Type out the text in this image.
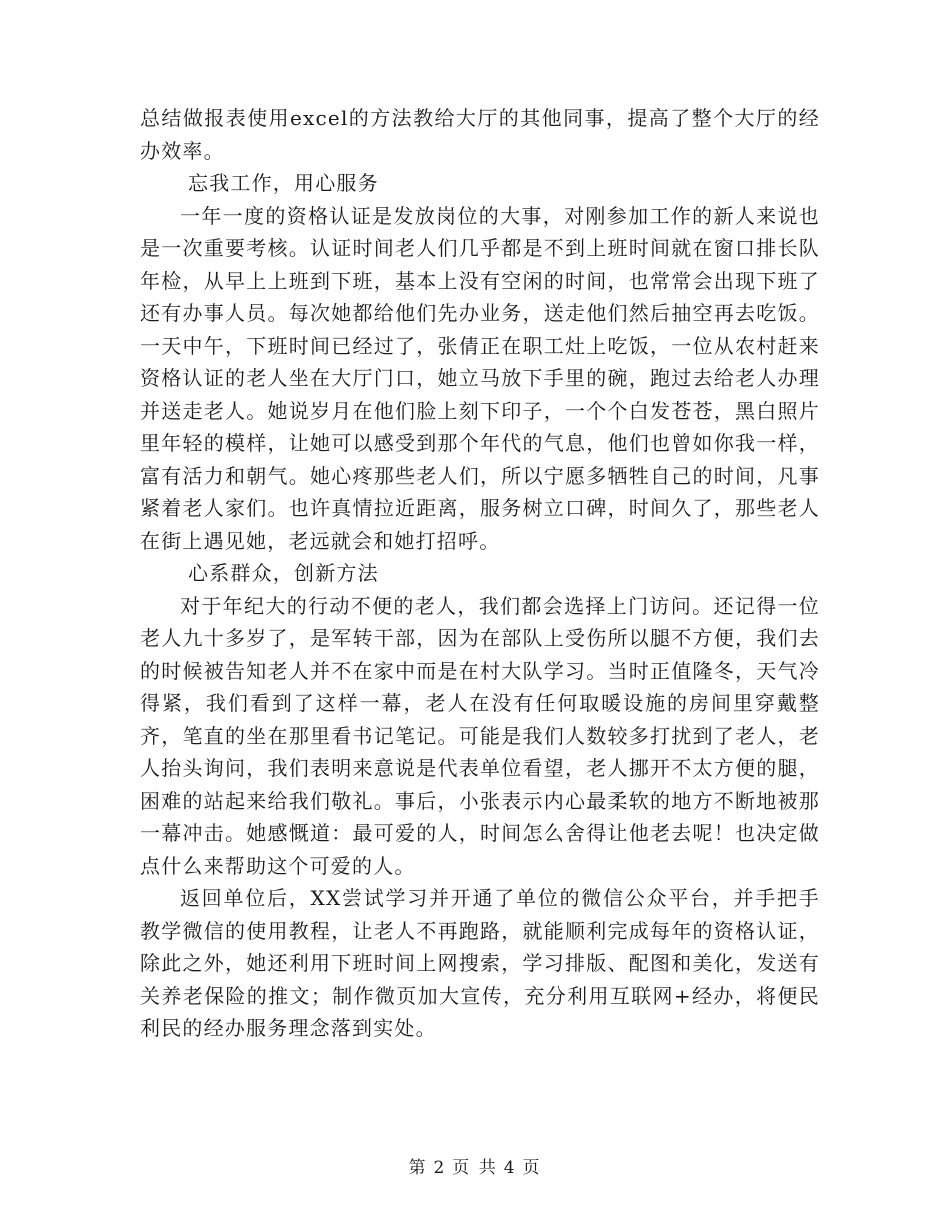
总结做报表使用excel的方法教给大厅的其他同事，提高了整个大厅的经办效率。

忘我工作，用心服务

一年一度的资格认证是发放岗位的大事，对刚参加工作的新人来说也是一次重要考核。认证时间老人们几乎都是不到上班时间就在窗口排长队年检，从早上上班到下班，基本上没有空闲的时间，也常常会出现下班了还有办事人员。每次她都给他们先办业务，送走他们然后抽空再去吃饭。一天中午，下班时间已经过了，张倩正在职工灶上吃饭，一位从农村赶来资格认证的老人坐在大厅门口，她立马放下手里的碗，跑过去给老人办理并送走老人。她说岁月在他们脸上刻下印子，一个个白发苍苍，黑白照片里年轻的模样，让她可以感受到那个年代的气息，他们也曾如你我一样，富有活力和朝气。她心疼那些老人们，所以宁愿多牺牲自己的时间，凡事紧着老人家们。也许真情拉近距离，服务树立口碑，时间久了，那些老人在街上遇见她，老远就会和她打招呼。

心系群众，创新方法

对于年纪大的行动不便的老人，我们都会选择上门访问。还记得一位老人九十多岁了，是军转干部，因为在部队上受伤所以腿不方便，我们去的时候被告知老人并不在家中而是在村大队学习。当时正值隆冬，天气冷得紧，我们看到了这样一幕，老人在没有任何取暖设施的房间里穿戴整齐，笔直的坐在那里看书记笔记。可能是我们人数较多打扰到了老人，老人抬头询问，我们表明来意说是代表单位看望，老人挪开不太方便的腿，困难的站起来给我们敬礼。事后，小张表示内心最柔软的地方不断地被那一幕冲击。她感慨道：最可爱的人，时间怎么舍得让他老去呢！也决定做点什么来帮助这个可爱的人。

返回单位后，XX尝试学习并开通了单位的微信公众平台，并手把手教学微信的使用教程，让老人不再跑路，就能顺利完成每年的资格认证，除此之外，她还利用下班时间上网搜索，学习排版、配图和美化，发送有关养老保险的推文；制作微页加大宣传，充分利用互联网+经办，将便民利民的经办服务理念落到实处。

第 2 页 共 4 页
